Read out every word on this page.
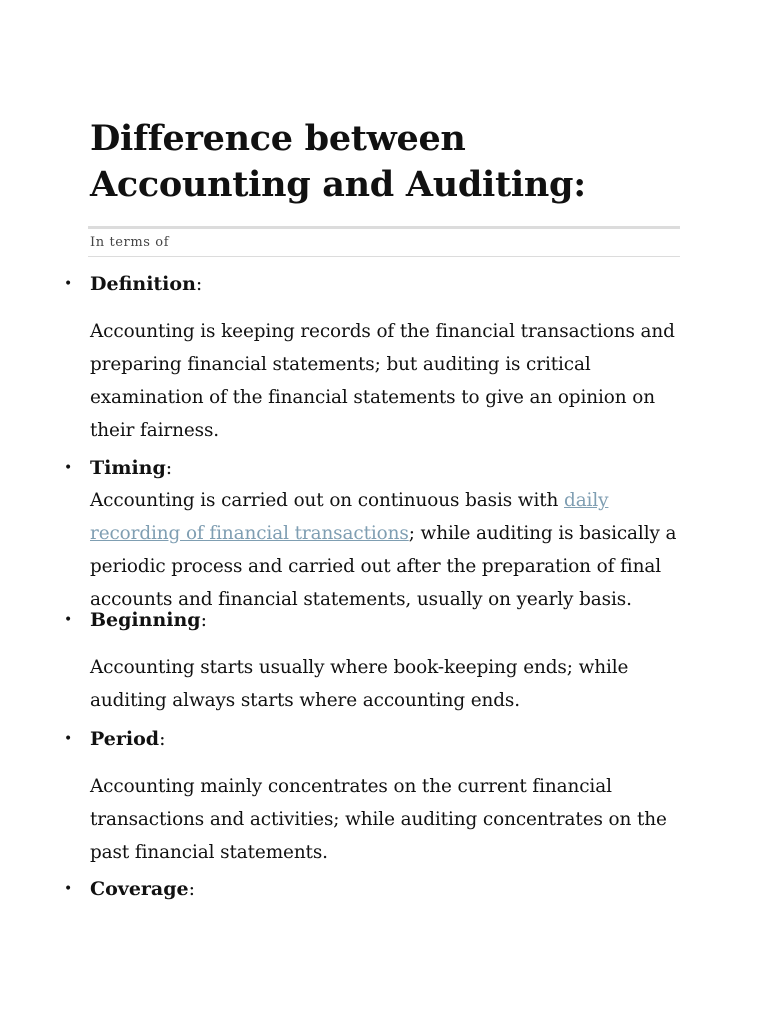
Difference between Accounting and Auditing:
In terms of
• Definition:
Accounting is keeping records of the financial transactions and preparing financial statements; but auditing is critical examination of the financial statements to give an opinion on their fairness.
• Timing:
Accounting is carried out on continuous basis with daily recording of financial transactions; while auditing is basically a periodic process and carried out after the preparation of final accounts and financial statements, usually on yearly basis.
• Beginning:
Accounting starts usually where book-keeping ends; while auditing always starts where accounting ends.
• Period:
Accounting mainly concentrates on the current financial transactions and activities; while auditing concentrates on the past financial statements.
• Coverage:
